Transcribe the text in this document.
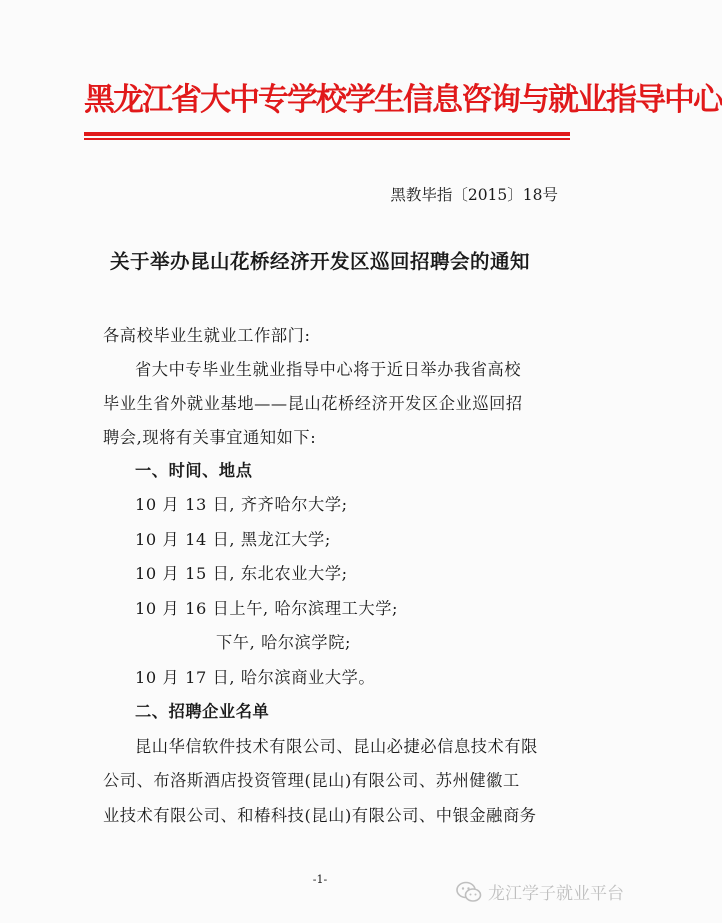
黑龙江省大中专学校学生信息咨询与就业指导中心
黑教毕指〔2015〕18号
关于举办昆山花桥经济开发区巡回招聘会的通知
各高校毕业生就业工作部门:
省大中专毕业生就业指导中心将于近日举办我省高校
毕业生省外就业基地——昆山花桥经济开发区企业巡回招
聘会,现将有关事宜通知如下:
一、时间、地点
10 月 13 日, 齐齐哈尔大学;
10 月 14 日, 黑龙江大学;
10 月 15 日, 东北农业大学;
10 月 16 日上午, 哈尔滨理工大学;
下午, 哈尔滨学院;
10 月 17 日, 哈尔滨商业大学。
二、招聘企业名单
昆山华信软件技术有限公司、昆山必捷必信息技术有限
公司、布洛斯酒店投资管理(昆山)有限公司、苏州健徽工
业技术有限公司、和椿科技(昆山)有限公司、中银金融商务
-1-
龙江学子就业平台
